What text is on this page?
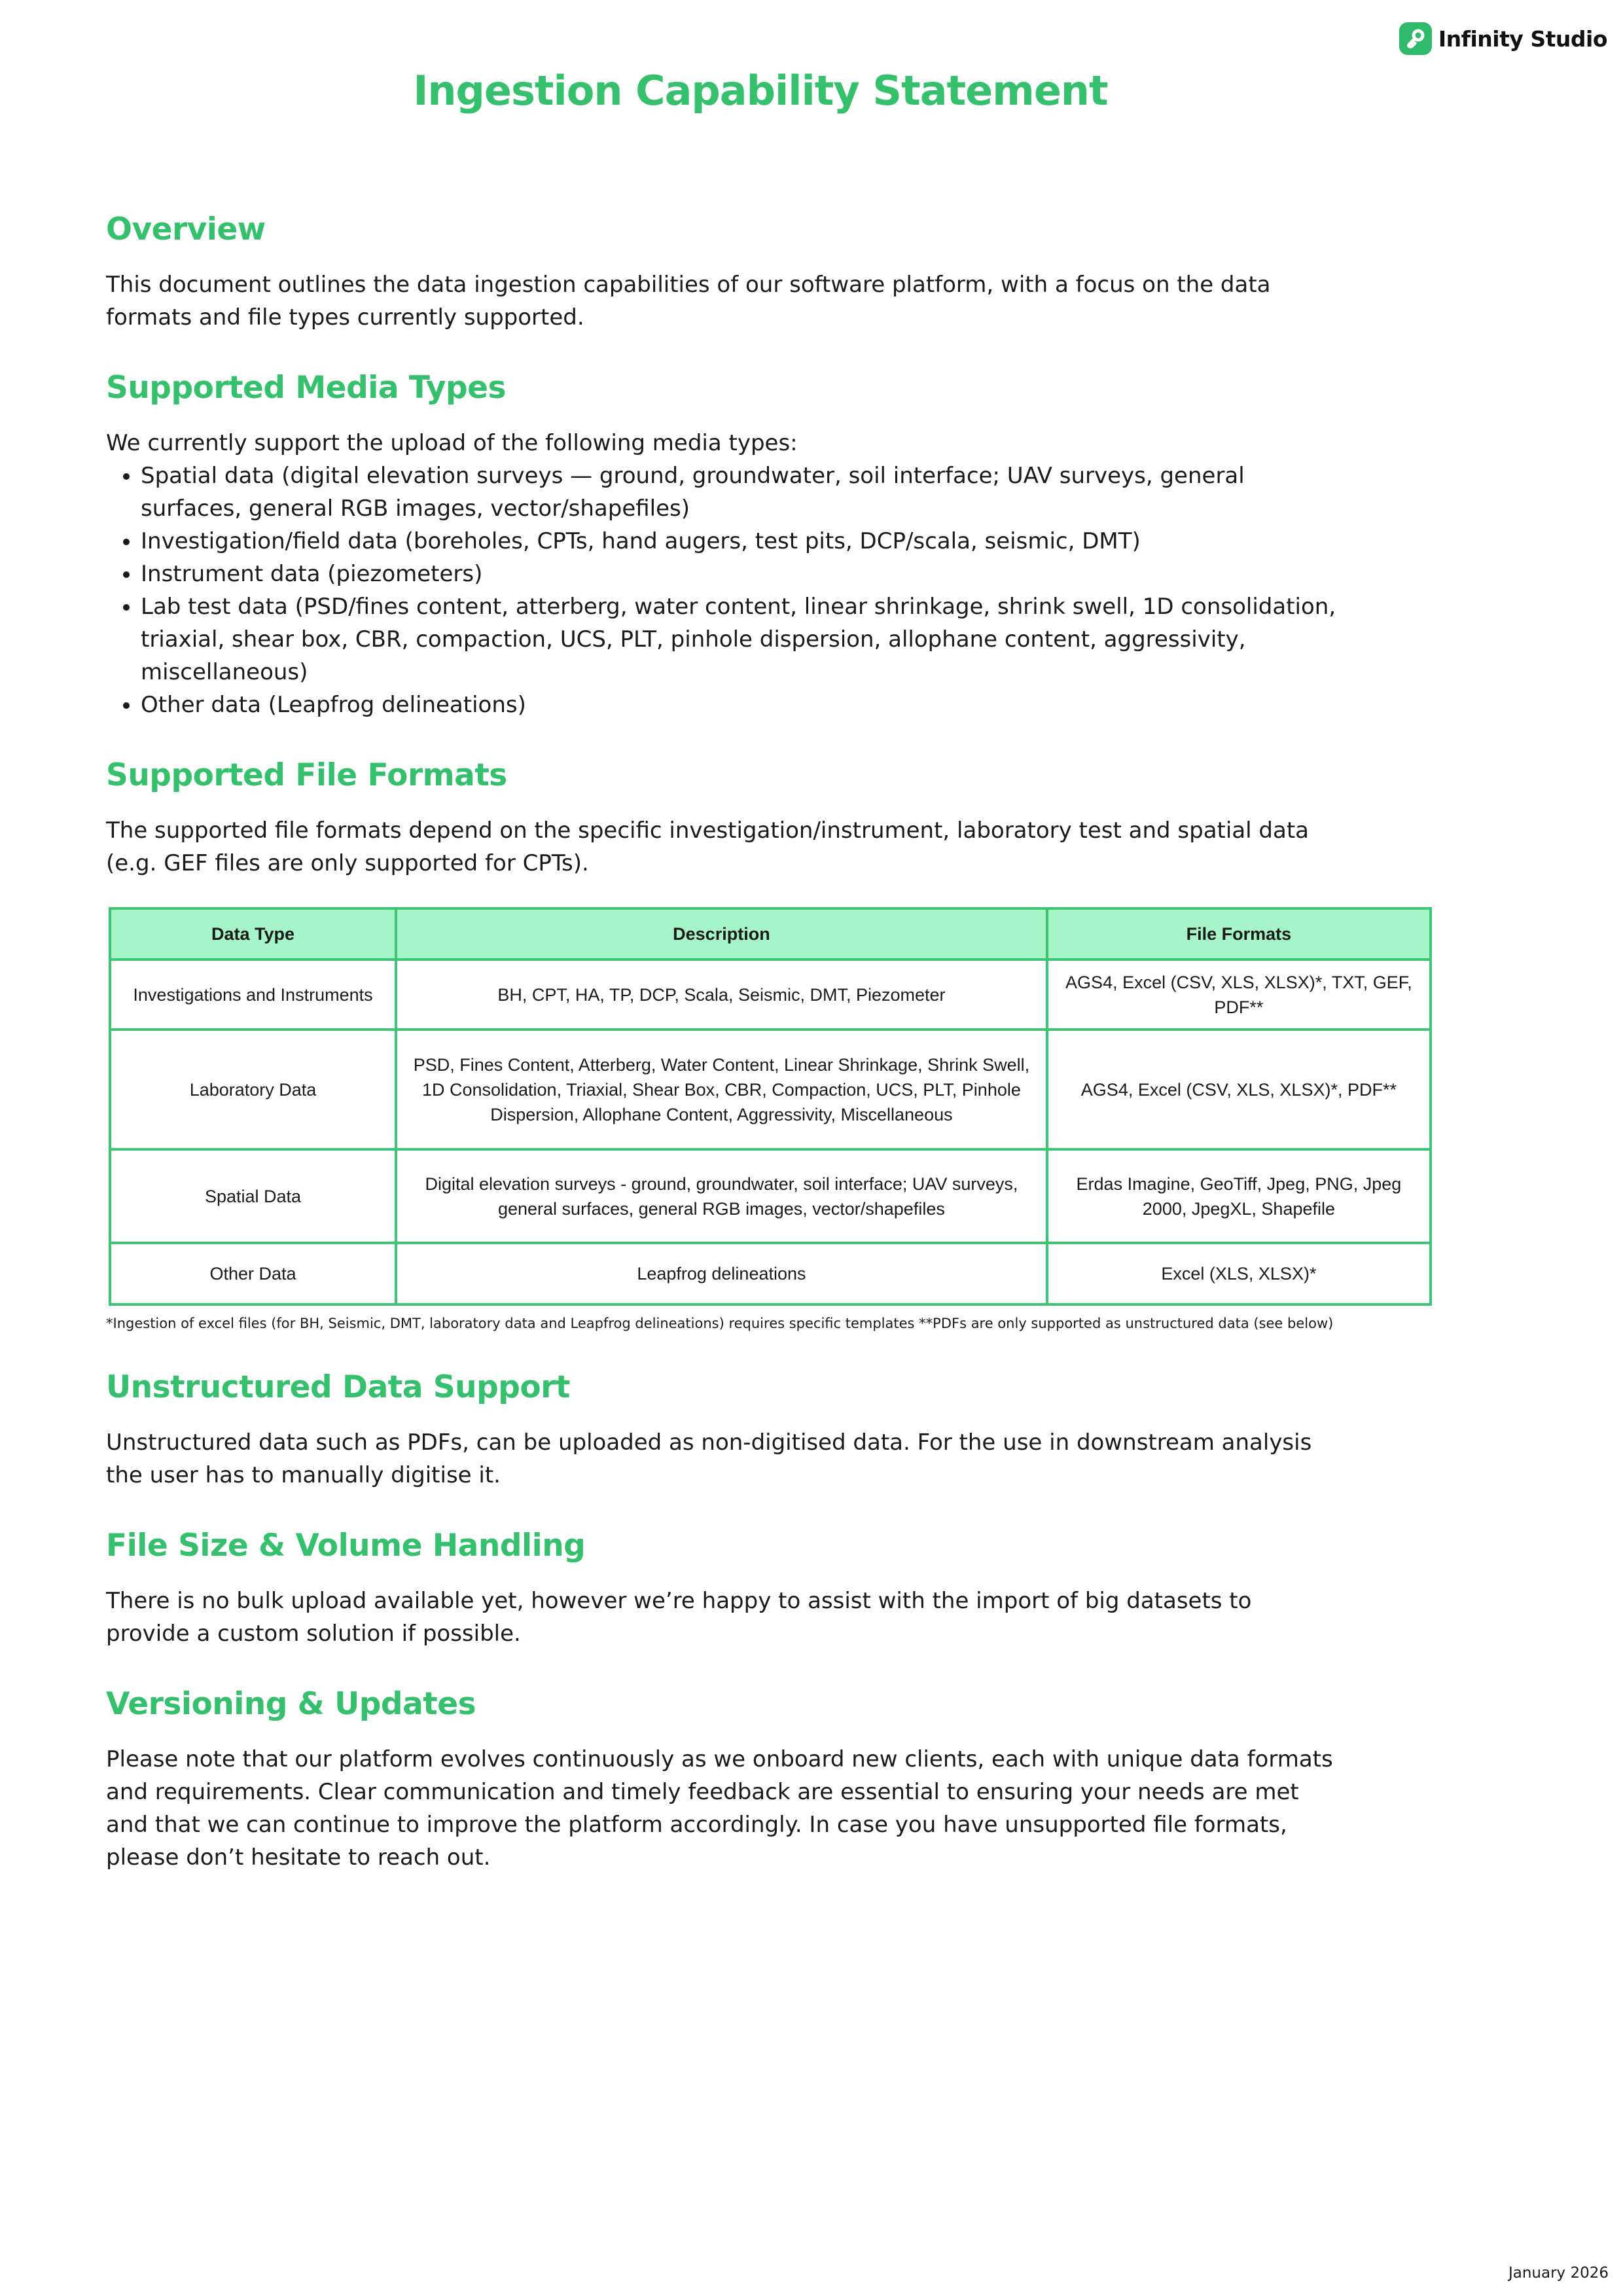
Infinity Studio
Ingestion Capability Statement
Overview

This document outlines the data ingestion capabilities of our software platform, with a focus on the data formats and file types currently supported.

Supported Media Types

We currently support the upload of the following media types:

• Spatial data (digital elevation surveys — ground, groundwater, soil interface; UAV surveys, general surfaces, general RGB images, vector/shapefiles)
• Investigation/field data (boreholes, CPTs, hand augers, test pits, DCP/scala, seismic, DMT)
• Instrument data (piezometers)
• Lab test data (PSD/fines content, atterberg, water content, linear shrinkage, shrink swell, 1D consolidation, triaxial, shear box, CBR, compaction, UCS, PLT, pinhole dispersion, allophane content, aggressivity, miscellaneous)
• Other data (Leapfrog delineations)
Supported File Formats

The supported file formats depend on the specific investigation/instrument, laboratory test and spatial data (e.g. GEF files are only supported for CPTs).

Data Type	Description	File Formats
Investigations and Instruments	BH, CPT, HA, TP, DCP, Scala, Seismic, DMT, Piezometer	AGS4, Excel (CSV, XLS, XLSX)*, TXT, GEF, PDF**
Laboratory Data	PSD, Fines Content, Atterberg, Water Content, Linear Shrinkage, Shrink Swell, 1D Consolidation, Triaxial, Shear Box, CBR, Compaction, UCS, PLT, Pinhole Dispersion, Allophane Content, Aggressivity, Miscellaneous	AGS4, Excel (CSV, XLS, XLSX)*, PDF**
Spatial Data	Digital elevation surveys - ground, groundwater, soil interface; UAV surveys, general surfaces, general RGB images, vector/shapefiles	Erdas Imagine, GeoTiff, Jpeg, PNG, Jpeg 2000, JpegXL, Shapefile
Other Data	Leapfrog delineations	Excel (XLS, XLSX)*

*Ingestion of excel files (for BH, Seismic, DMT, laboratory data and Leapfrog delineations) requires specific templates **PDFs are only supported as unstructured data (see below)

Unstructured Data Support

Unstructured data such as PDFs, can be uploaded as non-digitised data. For the use in downstream analysis the user has to manually digitise it.

File Size & Volume Handling

There is no bulk upload available yet, however we’re happy to assist with the import of big datasets to provide a custom solution if possible.

Versioning & Updates

Please note that our platform evolves continuously as we onboard new clients, each with unique data formats and requirements. Clear communication and timely feedback are essential to ensuring your needs are met and that we can continue to improve the platform accordingly. In case you have unsupported file formats, please don’t hesitate to reach out.

January 2026
